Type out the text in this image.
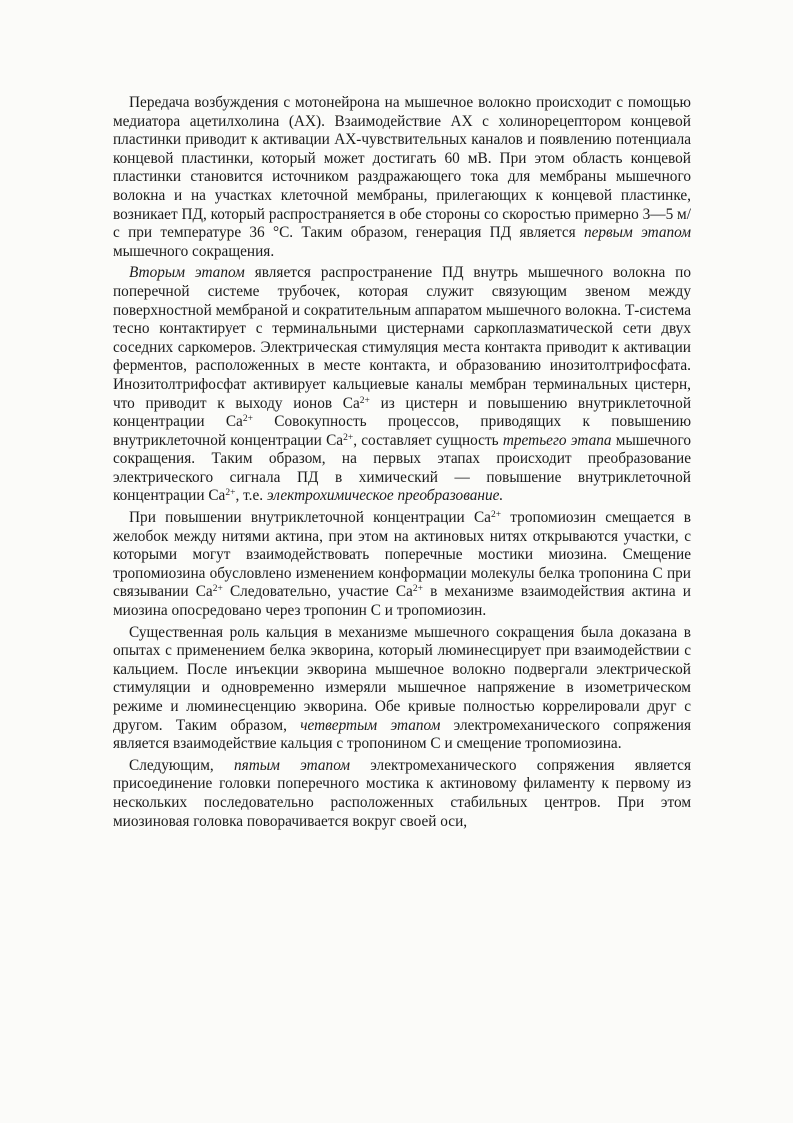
Передача возбуждения с мотонейрона на мышечное волокно происходит с помощью медиатора ацетилхолина (АХ). Взаимодействие АХ с холинорецептором концевой пластинки приводит к активации АХ-чувствительных каналов и появлению потенциала концевой пластинки, который может достигать 60 мВ. При этом область концевой пластинки становится источником раздражающего тока для мембраны мышечного волокна и на участках клеточной мембраны, прилегающих к концевой пластинке, возникает ПД, который распространяется в обе стороны со скоростью примерно 3—5 м/с при температуре 36 °С. Таким образом, генерация ПД является первым этапом мышечного сокращения.

Вторым этапом является распространение ПД внутрь мышечного волокна по поперечной системе трубочек, которая служит связующим звеном между поверхностной мембраной и сократительным аппаратом мышечного волокна. Т-система тесно контактирует с терминальными цистернами саркоплазматической сети двух соседних саркомеров. Электрическая стимуляция места контакта приводит к активации ферментов, расположенных в месте контакта, и образованию инозитолтрифосфата. Инозитолтрифосфат активирует кальциевые каналы мембран терминальных цистерн, что приводит к выходу ионов $Са^{2+}$ из цистерн и повышению внутриклеточной концентрации $Са^{2+}$ Совокупность процессов, приводящих к повышению внутриклеточной концентрации $Са^{2+}$, составляет сущность третьего этапа мышечного сокращения. Таким образом, на первых этапах происходит преобразование электрического сигнала ПД в химический — повышение внутриклеточной концентрации $Са^{2+}$, т.е. электрохимическое преобразование.

При повышении внутриклеточной концентрации $Са^{2+}$ тропомиозин смещается в желобок между нитями актина, при этом на актиновых нитях открываются участки, с которыми могут взаимодействовать поперечные мостики миозина. Смещение тропомиозина обусловлено изменением конформации молекулы белка тропонина С при связывании $Са^{2+}$ Следовательно, участие $Са^{2+}$ в механизме взаимодействия актина и миозина опосредовано через тропонин С и тропомиозин.

Существенная роль кальция в механизме мышечного сокращения была доказана в опытах с применением белка экворина, который люминесцирует при взаимодействии с кальцием. После инъекции экворина мышечное волокно подвергали электрической стимуляции и одновременно измеряли мышечное напряжение в изометрическом режиме и люминесценцию экворина. Обе кривые полностью коррелировали друг с другом. Таким образом, четвертым этапом электромеханического сопряжения является взаимодействие кальция с тропонином С и смещение тропомиозина.

Следующим, пятым этапом электромеханического сопряжения является присоединение головки поперечного мостика к актиновому филаменту к первому из нескольких последовательно расположенных стабильных центров. При этом миозиновая головка поворачивается вокруг своей оси,
